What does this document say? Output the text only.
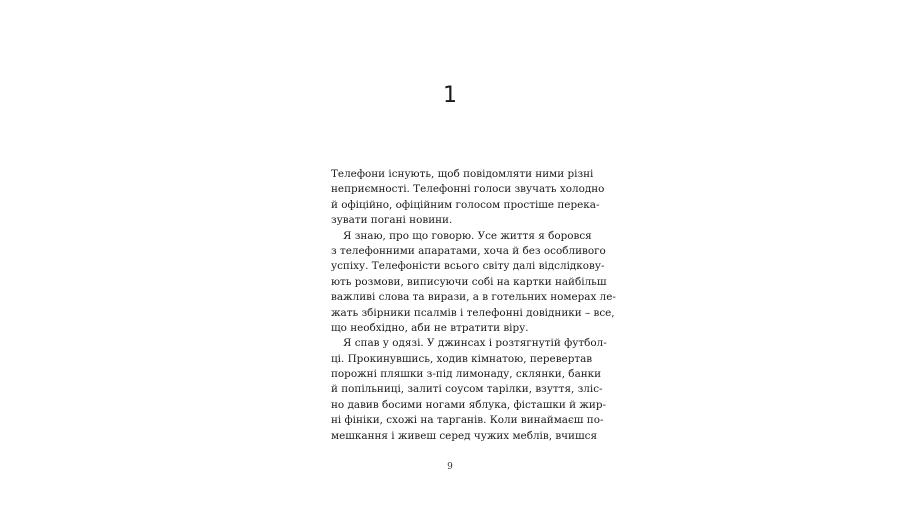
1
Телефони існують, щоб повідомляти ними різні
неприємності. Телефонні голоси звучать холодно
й офіційно, офіційним голосом простіше перека-
зувати погані новини.
Я знаю, про що говорю. Усе життя я боровся
з телефонними апаратами, хоча й без особливого
успіху. Телефоністи всього світу далі відслідкову-
ють розмови, виписуючи собі на картки найбільш
важливі слова та вирази, а в готельних номерах ле-
жать збірники псалмів і телефонні довідники – все,
що необхідно, аби не втратити віру.
Я спав у одязі. У джинсах і розтягнутій футбол-
ці. Прокинувшись, ходив кімнатою, перевертав
порожні пляшки з-під лимонаду, склянки, банки
й попільниці, залиті соусом тарілки, взуття, зліс-
но давив босими ногами яблука, фісташки й жир-
ні фініки, схожі на тарганів. Коли винаймаєш по-
мешкання і живеш серед чужих меблів, вчишся
9
